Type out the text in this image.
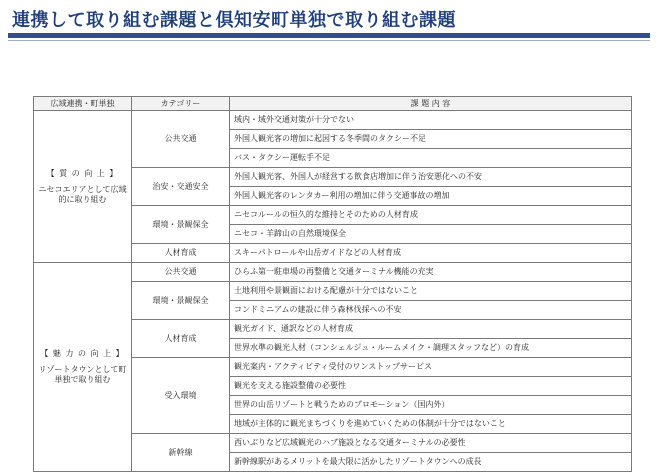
連携して取り組む課題と倶知安町単独で取り組む課題
広域連携・町単独	カテゴリー	課 題 内 容

【 質 の 向 上 】
ニセコエリアとして広域的に取り組む	公共交通	域内・域外交通対策が十分でない
		外国人観光客の増加に起因する冬季間のタクシー不足
		バス・タクシー運転手不足
	治安・交通安全	外国人観光客、外国人が経営する飲食店増加に伴う治安悪化への不安
		外国人観光客のレンタカー利用の増加に伴う交通事故の増加
	環境・景観保全	ニセコルールの恒久的な維持とそのための人材育成
		ニセコ・羊蹄山の自然環境保全
	人材育成	スキーパトロールや山岳ガイドなどの人材育成

【 魅 力 の 向 上 】
リゾートタウンとして町単独で取り組む	公共交通	ひらふ第一駐車場の再整備と交通ターミナル機能の充実
	環境・景観保全	土地利用や景観面における配慮が十分ではないこと
		コンドミニアムの建設に伴う森林伐採への不安
	人材育成	観光ガイド、通訳などの人材育成
		世界水準の観光人材（コンシェルジュ・ルームメイク・調理スタッフなど）の育成
	受入環境	観光案内・アクティビティ受付のワンストップサービス
		観光を支える施設整備の必要性
		世界の山岳リゾートと戦うためのプロモーション（国内外）
		地域が主体的に観光まちづくりを進めていくための体制が十分ではないこと
	新幹線	西いぶりなど広域観光のハブ施設となる交通ターミナルの必要性
		新幹線駅があるメリットを最大限に活かしたリゾートタウンへの成長
